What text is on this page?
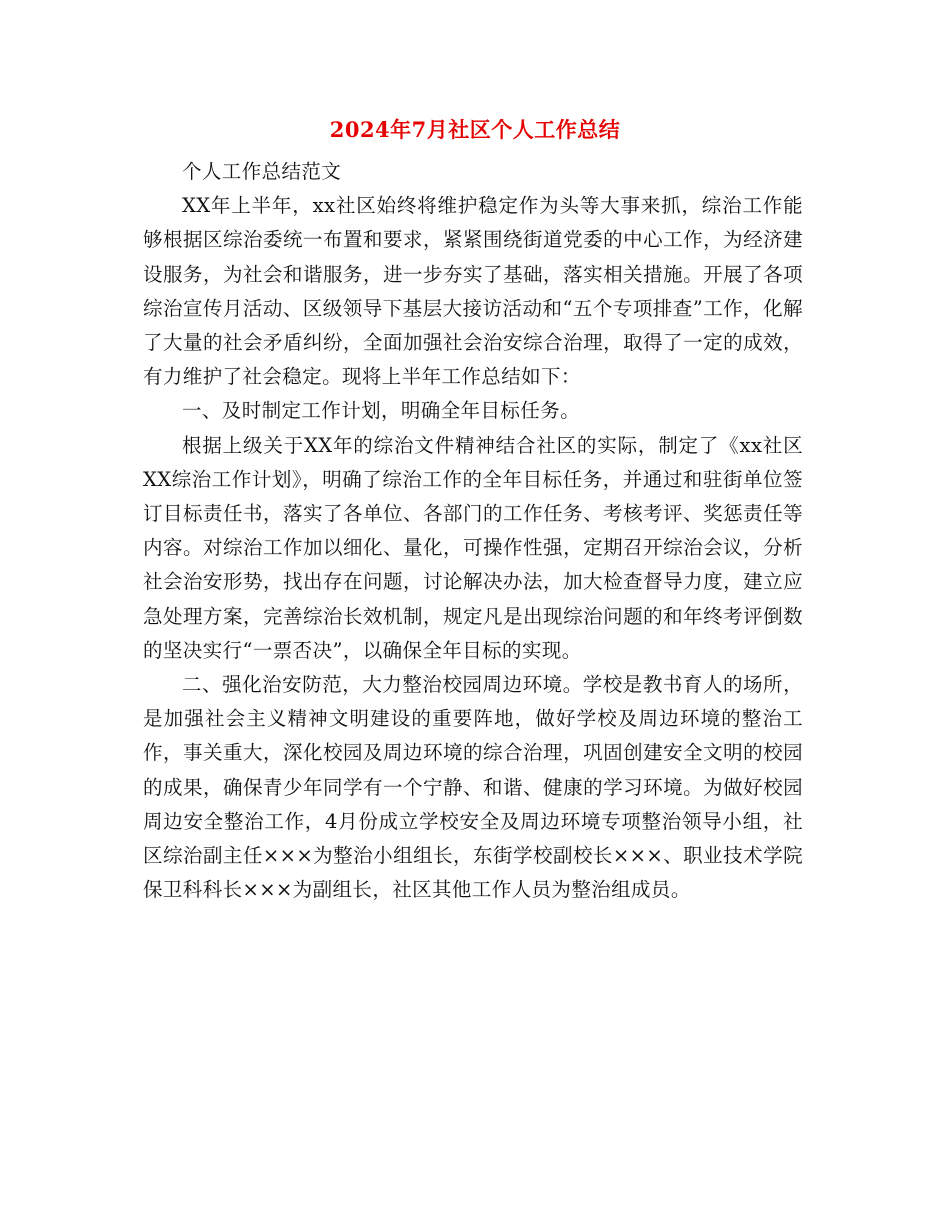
2024年7月社区个人工作总结

个人工作总结范文

XX年上半年，xx社区始终将维护稳定作为头等大事来抓，综治工作能够根据区综治委统一布置和要求，紧紧围绕街道党委的中心工作，为经济建设服务，为社会和谐服务，进一步夯实了基础，落实相关措施。开展了各项综治宣传月活动、区级领导下基层大接访活动和“五个专项排查”工作，化解了大量的社会矛盾纠纷，全面加强社会治安综合治理，取得了一定的成效，有力维护了社会稳定。现将上半年工作总结如下：

一、及时制定工作计划，明确全年目标任务。

根据上级关于XX年的综治文件精神结合社区的实际，制定了《xx社区XX综治工作计划》，明确了综治工作的全年目标任务，并通过和驻街单位签订目标责任书，落实了各单位、各部门的工作任务、考核考评、奖惩责任等内容。对综治工作加以细化、量化，可操作性强，定期召开综治会议，分析社会治安形势，找出存在问题，讨论解决办法，加大检查督导力度，建立应急处理方案，完善综治长效机制，规定凡是出现综治问题的和年终考评倒数的坚决实行“一票否决”，以确保全年目标的实现。

二、强化治安防范，大力整治校园周边环境。学校是教书育人的场所，是加强社会主义精神文明建设的重要阵地，做好学校及周边环境的整治工作，事关重大，深化校园及周边环境的综合治理，巩固创建安全文明的校园的成果，确保青少年同学有一个宁静、和谐、健康的学习环境。为做好校园周边安全整治工作，4月份成立学校安全及周边环境专项整治领导小组，社区综治副主任×××为整治小组组长，东街学校副校长×××、职业技术学院保卫科科长×××为副组长，社区其他工作人员为整治组成员。
